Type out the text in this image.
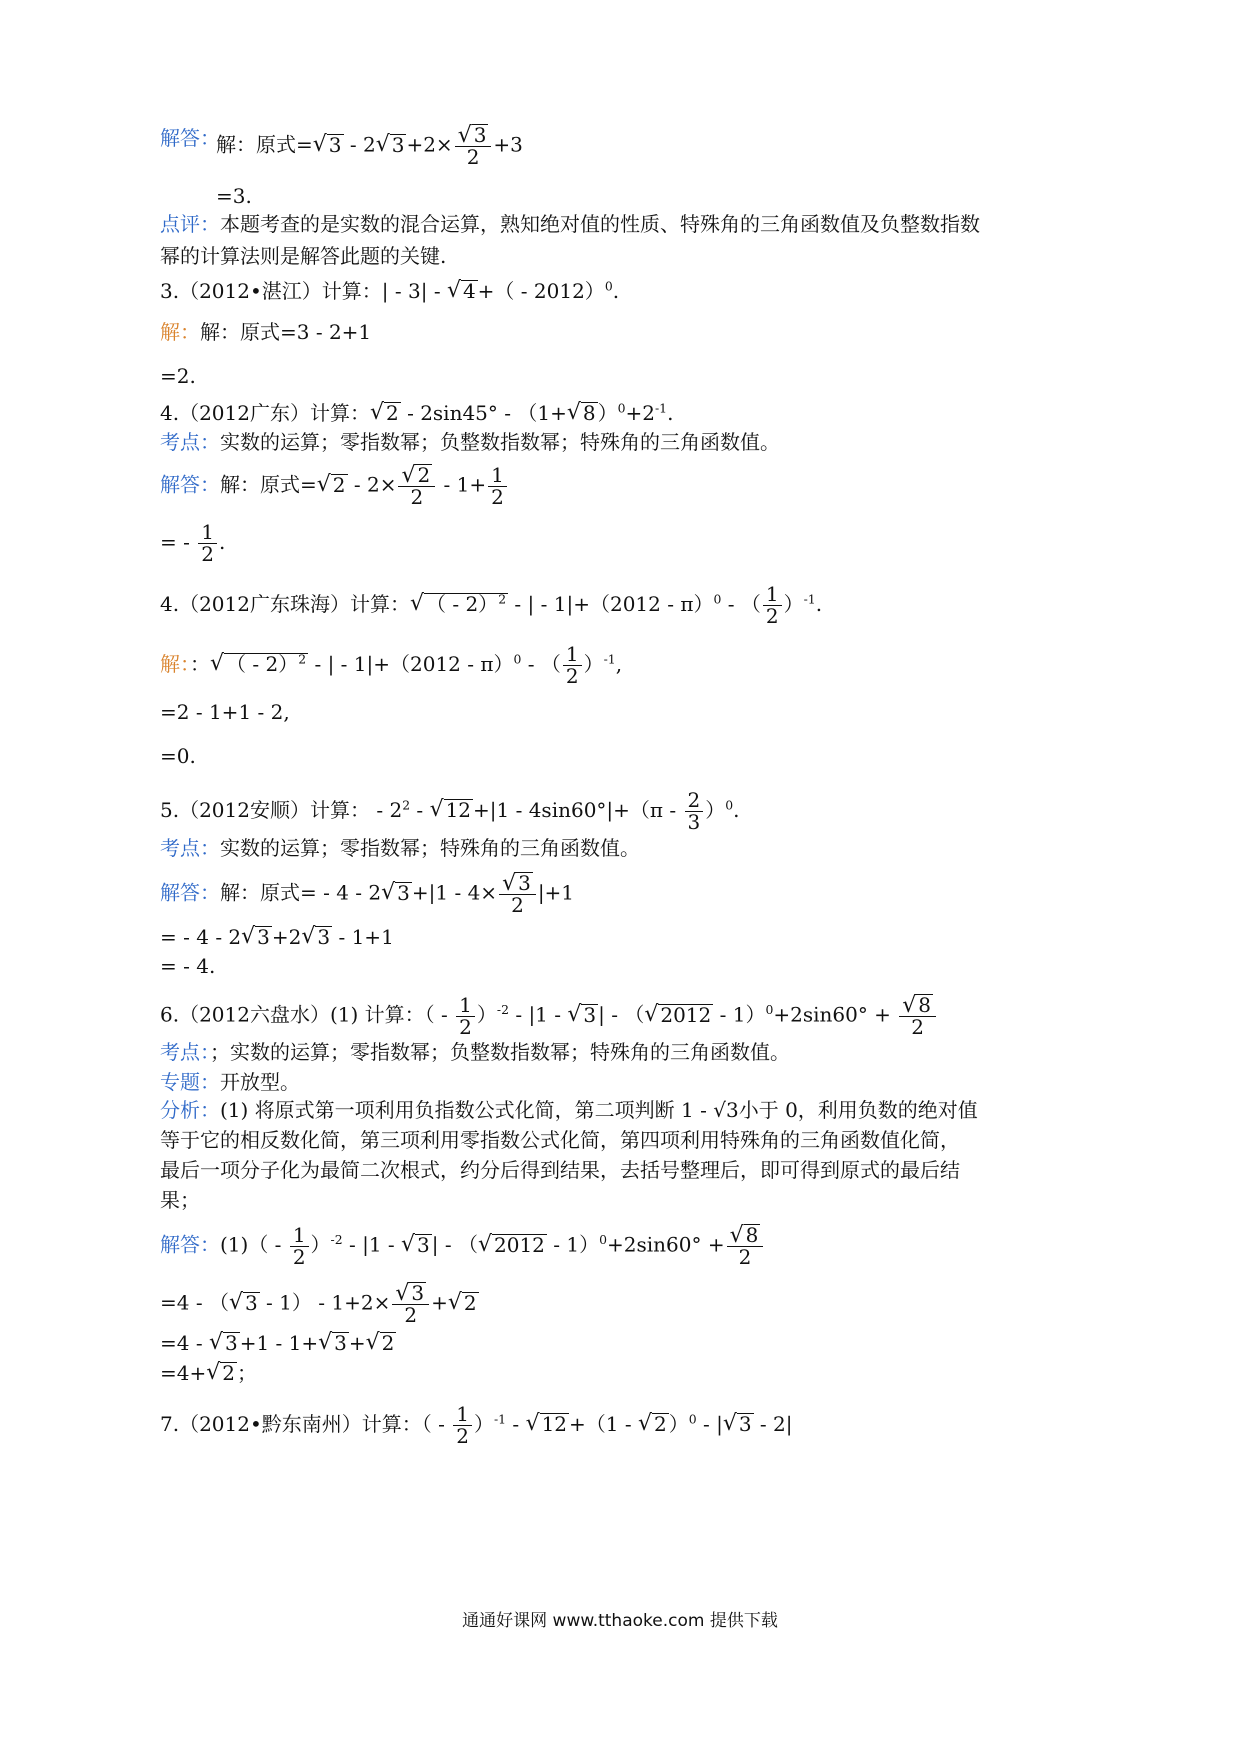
解答：
解：原式= √ 3 - 2 √ 3 +2× √ $\frac{3}{2} +3$
=3.
点评：本题考查的是实数的混合运算，熟知绝对值的性质、特殊角的三角函数值及负整数指数
幂的计算法则是解答此题的关键.
3.（2012•湛江）计算：| - 3| - √ 4 +（ - 2012）$^0$.
解：解：原式=3 - 2+1
=2.
4.（2012广东）计算： √ 2 - 2sin45° - （1+ √ 8 ）$^0+2^{-1}$.
考点：实数的运算；零指数幂；负整数指数幂；特殊角的三角函数值。
解答：解：原式= √ 2 - 2× √ $\frac{2}{2} - 1+ \frac{1}{2}$
= - $\frac{1}{2}$ .
4.（2012广东珠海）计算： √ （ - 2）$^2$ - | - 1|+（2012 - π）$^0$ - （ $\frac{1}{2} )^{-1}$.
解：： √ （ - 2）$^2$ - | - 1|+（2012 - π）$^0$ - （ $\frac{1}{2} )^{-1}$,
=2 - 1+1 - 2,
=0.
5.（2012安顺）计算： - $2^2$ - √ $12 +|1 - 4\sin 60^\circ|+(\pi - \frac{2}{3} )^0$.
考点：实数的运算；零指数幂；特殊角的三角函数值。
解答：解：原式= - 4 - 2 √ 3 +|1 - 4× √ $\frac{3}{2} |+1$
= - 4 - 2 √ 3 +2 √ 3 - 1+1
= - 4.
6.（2012六盘水）(1) 计算：（ - $\frac{1}{2} )^{-2} - |1$ - √ 3 | - （ √ 2012 - 1）$^0$+2sin60° + √ $\frac{8}{2}$
考点：；实数的运算；零指数幂；负整数指数幂；特殊角的三角函数值。
专题：开放型。
分析：(1) 将原式第一项利用负指数公式化简，第二项判断 1 - √3小于 0，利用负数的绝对值
等于它的相反数化简，第三项利用零指数公式化简，第四项利用特殊角的三角函数值化简，
最后一项分子化为最简二次根式，约分后得到结果，去括号整理后，即可得到原式的最后结
果；
解答：$(1)( - \frac{1}{2} )^{-2} - |1$ - √ 3 | - （ √ 2012 - 1）$^0$+2sin60° + √ $\frac{8}{2}$
=4 - （ √ 3 - 1） - 1+2× √ $\frac{3}{2}$ + √ 2
=4 - √ 3 +1 - 1+ √ 3 + √ 2
=4+ √ 2 ；
7.（2012•黔东南州）计算：（ - $\frac{1}{2} )^{-1}$ - √ 12 +（1 - √ 2 ）$^0$ - | √ 3 - 2|
通通好课网 www.tthaoke.com 提供下载
